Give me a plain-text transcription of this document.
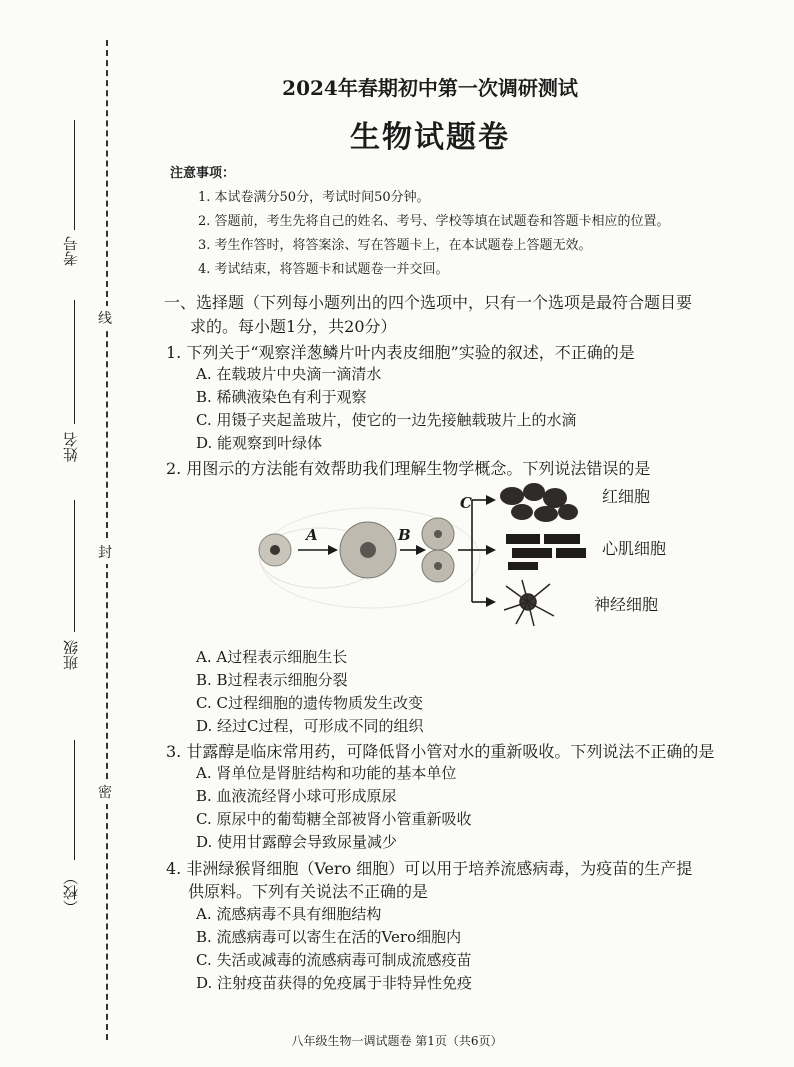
考号
线
姓名
封
班级
密
（校）
2024年春期初中第一次调研测试
生物试题卷
注意事项：
1. 本试卷满分50分，考试时间50分钟。
2. 答题前，考生先将自己的姓名、考号、学校等填在试题卷和答题卡相应的位置。
3. 考生作答时，将答案涂、写在答题卡上，在本试题卷上答题无效。
4. 考试结束，将答题卡和试题卷一并交回。
一、选择题（下列每小题列出的四个选项中，只有一个选项是最符合题目要
求的。每小题1分，共20分）
1. 下列关于“观察洋葱鳞片叶内表皮细胞”实验的叙述，不正确的是
A. 在载玻片中央滴一滴清水
B. 稀碘液染色有利于观察
C. 用镊子夹起盖玻片，使它的一边先接触载玻片上的水滴
D. 能观察到叶绿体
2. 用图示的方法能有效帮助我们理解生物学概念。下列说法错误的是
A	B
C	红细胞
心肌细胞
神经细胞
A. A过程表示细胞生长
B. B过程表示细胞分裂
C. C过程细胞的遗传物质发生改变
D. 经过C过程，可形成不同的组织
3. 甘露醇是临床常用药，可降低肾小管对水的重新吸收。下列说法不正确的是
A. 肾单位是肾脏结构和功能的基本单位
B. 血液流经肾小球可形成原尿
C. 原尿中的葡萄糖全部被肾小管重新吸收
D. 使用甘露醇会导致尿量减少
4. 非洲绿猴肾细胞（Vero 细胞）可以用于培养流感病毒，为疫苗的生产提
供原料。下列有关说法不正确的是
A. 流感病毒不具有细胞结构
B. 流感病毒可以寄生在活的Vero细胞内
C. 失活或减毒的流感病毒可制成流感疫苗
D. 注射疫苗获得的免疫属于非特异性免疫
八年级生物一调试题卷 第1页（共6页）
